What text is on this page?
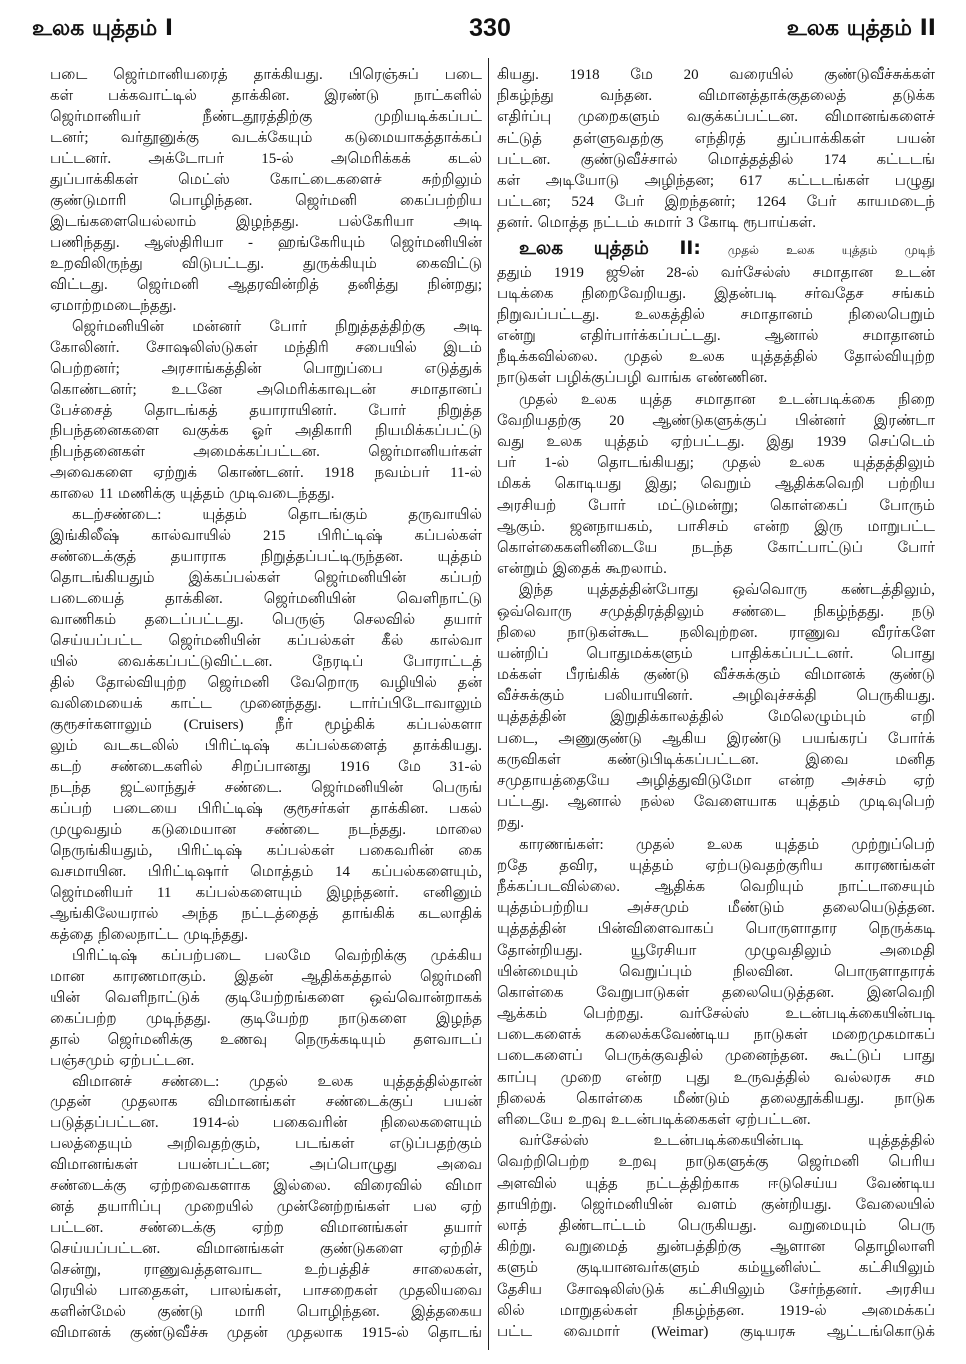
உலக யுத்தம் I	330	உலக யுத்தம் II
படை ஜெர்மானியரைத் தாக்கியது. பிரெஞ்சுப் படை
கள் பக்கவாட்டில் தாக்கின. இரண்டு நாட்களில்
ஜெர்மானியர் நீண்டதூரத்திற்கு முறியடிக்கப்பட்
டனர்; வர்தூனுக்கு வடக்கேயும் கடுமையாகத்தாக்கப்
பட்டனர். அக்டோபர் 15-ல் அமெரிக்கக் கடல்
துப்பாக்கிகள் மெட்ஸ் கோட்டைகளைச் சுற்றிலும்
குண்டுமாரி பொழிந்தன. ஜெர்மனி கைப்பற்றிய
இடங்களையெல்லாம் இழந்தது. பல்கேரியா அடி
பணிந்தது. ஆஸ்திரியா - ஹங்கேரியும் ஜெர்மனியின்
உறவிலிருந்து விடுபட்டது. துருக்கியும் கைவிட்டு
விட்டது. ஜெர்மனி ஆதரவின்றித் தனித்து நின்றது;
ஏமாற்றமடைந்தது.
ஜெர்மனியின் மன்னர் போர் நிறுத்தத்திற்கு அடி
கோலினர். சோஷலிஸ்டுகள் மந்திரி சபையில் இடம்
பெற்றனர்; அரசாங்கத்தின் பொறுப்பை எடுத்துக்
கொண்டனர்; உடனே அமெரிக்காவுடன் சமாதானப்
பேச்சைத் தொடங்கத் தயாராயினர். போர் நிறுத்த
நிபந்தனைகளை வகுக்க ஓர் அதிகாரி நியமிக்கப்பட்டு
நிபந்தனைகள் அமைக்கப்பட்டன. ஜெர்மானியர்கள்
அவைகளை ஏற்றுக் கொண்டனர். 1918 நவம்பர் 11-ல்
காலை 11 மணிக்கு யுத்தம் முடிவடைந்தது.
கடற்சண்டை: யுத்தம் தொடங்கும் தருவாயில்
இங்கிலீஷ் கால்வாயில் 215 பிரிட்டிஷ் கப்பல்கள்
சண்டைக்குத் தயாராக நிறுத்தப்பட்டிருந்தன. யுத்தம்
தொடங்கியதும் இக்கப்பல்கள் ஜெர்மனியின் கப்பற்
படையைத் தாக்கின. ஜெர்மனியின் வெளிநாட்டு
வாணிகம் தடைப்பட்டது. பெருஞ் செலவில் தயார்
செய்யப்பட்ட ஜெர்மனியின் கப்பல்கள் கீல் கால்வா
யில் வைக்கப்பட்டுவிட்டன. நேரடிப் போராட்டத்
தில் தோல்வியுற்ற ஜெர்மனி வேறொரு வழியில் தன்
வலிமையைக் காட்ட முனைந்தது. டார்ப்பிடோவாலும்
குரூசர்களாலும் (Cruisers) நீர் மூழ்கிக் கப்பல்களா
லும் வடகடலில் பிரிட்டிஷ் கப்பல்களைத் தாக்கியது.
கடற் சண்டைகளில் சிறப்பானது 1916 மே 31-ல்
நடந்த ஜட்லாந்துச் சண்டை. ஜெர்மனியின் பெருங்
கப்பற் படையை பிரிட்டிஷ் குரூசர்கள் தாக்கின. பகல்
முழுவதும் கடுமையான சண்டை நடந்தது. மாலை
நெருங்கியதும், பிரிட்டிஷ் கப்பல்கள் பகைவரின் கை
வசமாயின. பிரிட்டிஷார் மொத்தம் 14 கப்பல்களையும்,
ஜெர்மனியர் 11 கப்பல்களையும் இழந்தனர். எனினும்
ஆங்கிலேயரால் அந்த நட்டத்தைத் தாங்கிக் கடலாதிக்
கத்தை நிலைநாட்ட முடிந்தது.
பிரிட்டிஷ் கப்பற்படை பலமே வெற்றிக்கு முக்கிய
மான காரணமாகும். இதன் ஆதிக்கத்தால் ஜெர்மனி
யின் வெளிநாட்டுக் குடியேற்றங்களை ஒவ்வொன்றாகக்
கைப்பற்ற முடிந்தது. குடியேற்ற நாடுகளை இழந்த
தால் ஜெர்மனிக்கு உணவு நெருக்கடியும் தளவாடப்
பஞ்சமும் ஏற்பட்டன.
விமானச் சண்டை: முதல் உலக யுத்தத்தில்தான்
முதன் முதலாக விமானங்கள் சண்டைக்குப் பயன்
படுத்தப்பட்டன. 1914-ல் பகைவரின் நிலைகளையும்
பலத்தையும் அறிவதற்கும், படங்கள் எடுப்பதற்கும்
விமானங்கள் பயன்பட்டன; அப்பொழுது அவை
சண்டைக்கு ஏற்றவைகளாக இல்லை. விரைவில் விமா
னத் தயாரிப்பு முறையில் முன்னேற்றங்கள் பல ஏற்
பட்டன. சண்டைக்கு ஏற்ற விமானங்கள் தயார்
செய்யப்பட்டன. விமானங்கள் குண்டுகளை ஏற்றிச்
சென்று, ராணுவத்தளவாட உற்பத்திச் சாலைகள்,
ரெயில் பாதைகள், பாலங்கள், பாசறைகள் முதலியவை
களின்மேல் குண்டு மாரி பொழிந்தன. இத்தகைய
விமானக் குண்டுவீச்சு முதன் முதலாக 1915-ல் தொடங்
கியது. 1918 மே 20 வரையில் குண்டுவீச்சுக்கள்
நிகழ்ந்து வந்தன. விமானத்தாக்குதலைத் தடுக்க
எதிர்ப்பு முறைகளும் வகுக்கப்பட்டன. விமானங்களைச்
சுட்டுத் தள்ளுவதற்கு எந்திரத் துப்பாக்கிகள் பயன்
பட்டன. குண்டுவீச்சால் மொத்தத்தில் 174 கட்டடங்
கள் அடியோடு அழிந்தன; 617 கட்டடங்கள் பழுது
பட்டன; 524 பேர் இறந்தனர்; 1264 பேர் காயமடைந்
தனர். மொத்த நட்டம் சுமார் 3 கோடி ரூபாய்கள்.
உலக யுத்தம் II: முதல் உலக யுத்தம் முடிந்
ததும் 1919 ஜூன் 28-ல் வர்சேல்ஸ் சமாதான உடன்
படிக்கை நிறைவேறியது. இதன்படி சர்வதேச சங்கம்
நிறுவப்பட்டது. உலகத்தில் சமாதானம் நிலைபெறும்
என்று எதிர்பார்க்கப்பட்டது. ஆனால் சமாதானம்
நீடிக்கவில்லை. முதல் உலக யுத்தத்தில் தோல்வியுற்ற
நாடுகள் பழிக்குப்பழி வாங்க எண்ணின.
முதல் உலக யுத்த சமாதான உடன்படிக்கை நிறை
வேறியதற்கு 20 ஆண்டுகளுக்குப் பின்னர் இரண்டா
வது உலக யுத்தம் ஏற்பட்டது. இது 1939 செப்டெம்
பர் 1-ல் தொடங்கியது; முதல் உலக யுத்தத்திலும்
மிகக் கொடியது இது; வெறும் ஆதிக்கவெறி பற்றிய
அரசியற் போர் மட்டுமன்று; கொள்கைப் போரும்
ஆகும். ஜனநாயகம், பாசிசம் என்ற இரு மாறுபட்ட
கொள்கைகளினிடையே நடந்த கோட்பாட்டுப் போர்
என்றும் இதைக் கூறலாம்.
இந்த யுத்தத்தின்போது ஒவ்வொரு கண்டத்திலும்,
ஒவ்வொரு சமுத்திரத்திலும் சண்டை நிகழ்ந்தது. நடு
நிலை நாடுகள்கூட நலிவுற்றன. ராணுவ வீரர்களே
யன்றிப் பொதுமக்களும் பாதிக்கப்பட்டனர். பொது
மக்கள் பீரங்கிக் குண்டு வீச்சுக்கும் விமானக் குண்டு
வீச்சுக்கும் பலியாயினர். அழிவுச்சக்தி பெருகியது.
யுத்தத்தின் இறுதிக்காலத்தில் மேலெழும்பும் எறி
படை, அணுகுண்டு ஆகிய இரண்டு பயங்கரப் போர்க்
கருவிகள் கண்டுபிடிக்கப்பட்டன. இவை மனித
சமுதாயத்தையே அழித்துவிடுமோ என்ற அச்சம் ஏற்
பட்டது. ஆனால் நல்ல வேளையாக யுத்தம் முடிவுபெற்
றது.
காரணங்கள்: முதல் உலக யுத்தம் முற்றுப்பெற்
றதே தவிர, யுத்தம் ஏற்படுவதற்குரிய காரணங்கள்
நீக்கப்படவில்லை. ஆதிக்க வெறியும் நாட்டாசையும்
யுத்தம்பற்றிய அச்சமும் மீண்டும் தலையெடுத்தன.
யுத்தத்தின் பின்விளைவாகப் பொருளாதார நெருக்கடி
தோன்றியது. யூரேசியா முழுவதிலும் அமைதி
யின்மையும் வெறுப்பும் நிலவின. பொருளாதாரக்
கொள்கை வேறுபாடுகள் தலையெடுத்தன. இனவெறி
ஆக்கம் பெற்றது. வர்சேல்ஸ் உடன்படிக்கையின்படி
படைகளைக் கலைக்கவேண்டிய நாடுகள் மறைமுகமாகப்
படைகளைப் பெருக்குவதில் முனைந்தன. கூட்டுப் பாது
காப்பு முறை என்ற புது உருவத்தில் வல்லரசு சம
நிலைக் கொள்கை மீண்டும் தலைதூக்கியது. நாடுக
ளிடையே உறவு உடன்படிக்கைகள் ஏற்பட்டன.
வர்சேல்ஸ் உடன்படிக்கையின்படி யுத்தத்தில்
வெற்றிபெற்ற உறவு நாடுகளுக்கு ஜெர்மனி பெரிய
அளவில் யுத்த நட்டத்திற்காக ஈடுசெய்ய வேண்டிய
தாயிற்று. ஜெர்மனியின் வளம் குன்றியது. வேலையில்
லாத் திண்டாட்டம் பெருகியது. வறுமையும் பெரு
கிற்று. வறுமைத் துன்பத்திற்கு ஆளான தொழிலாளி
களும் குடியானவர்களும் கம்யூனிஸ்ட் கட்சியிலும்
தேசிய சோஷலிஸ்டுக் கட்சியிலும் சேர்ந்தனர். அரசிய
லில் மாறுதல்கள் நிகழ்ந்தன. 1919-ல் அமைக்கப்
பட்ட வைமார் (Weimar) குடியரசு ஆட்டங்கொடுக்
